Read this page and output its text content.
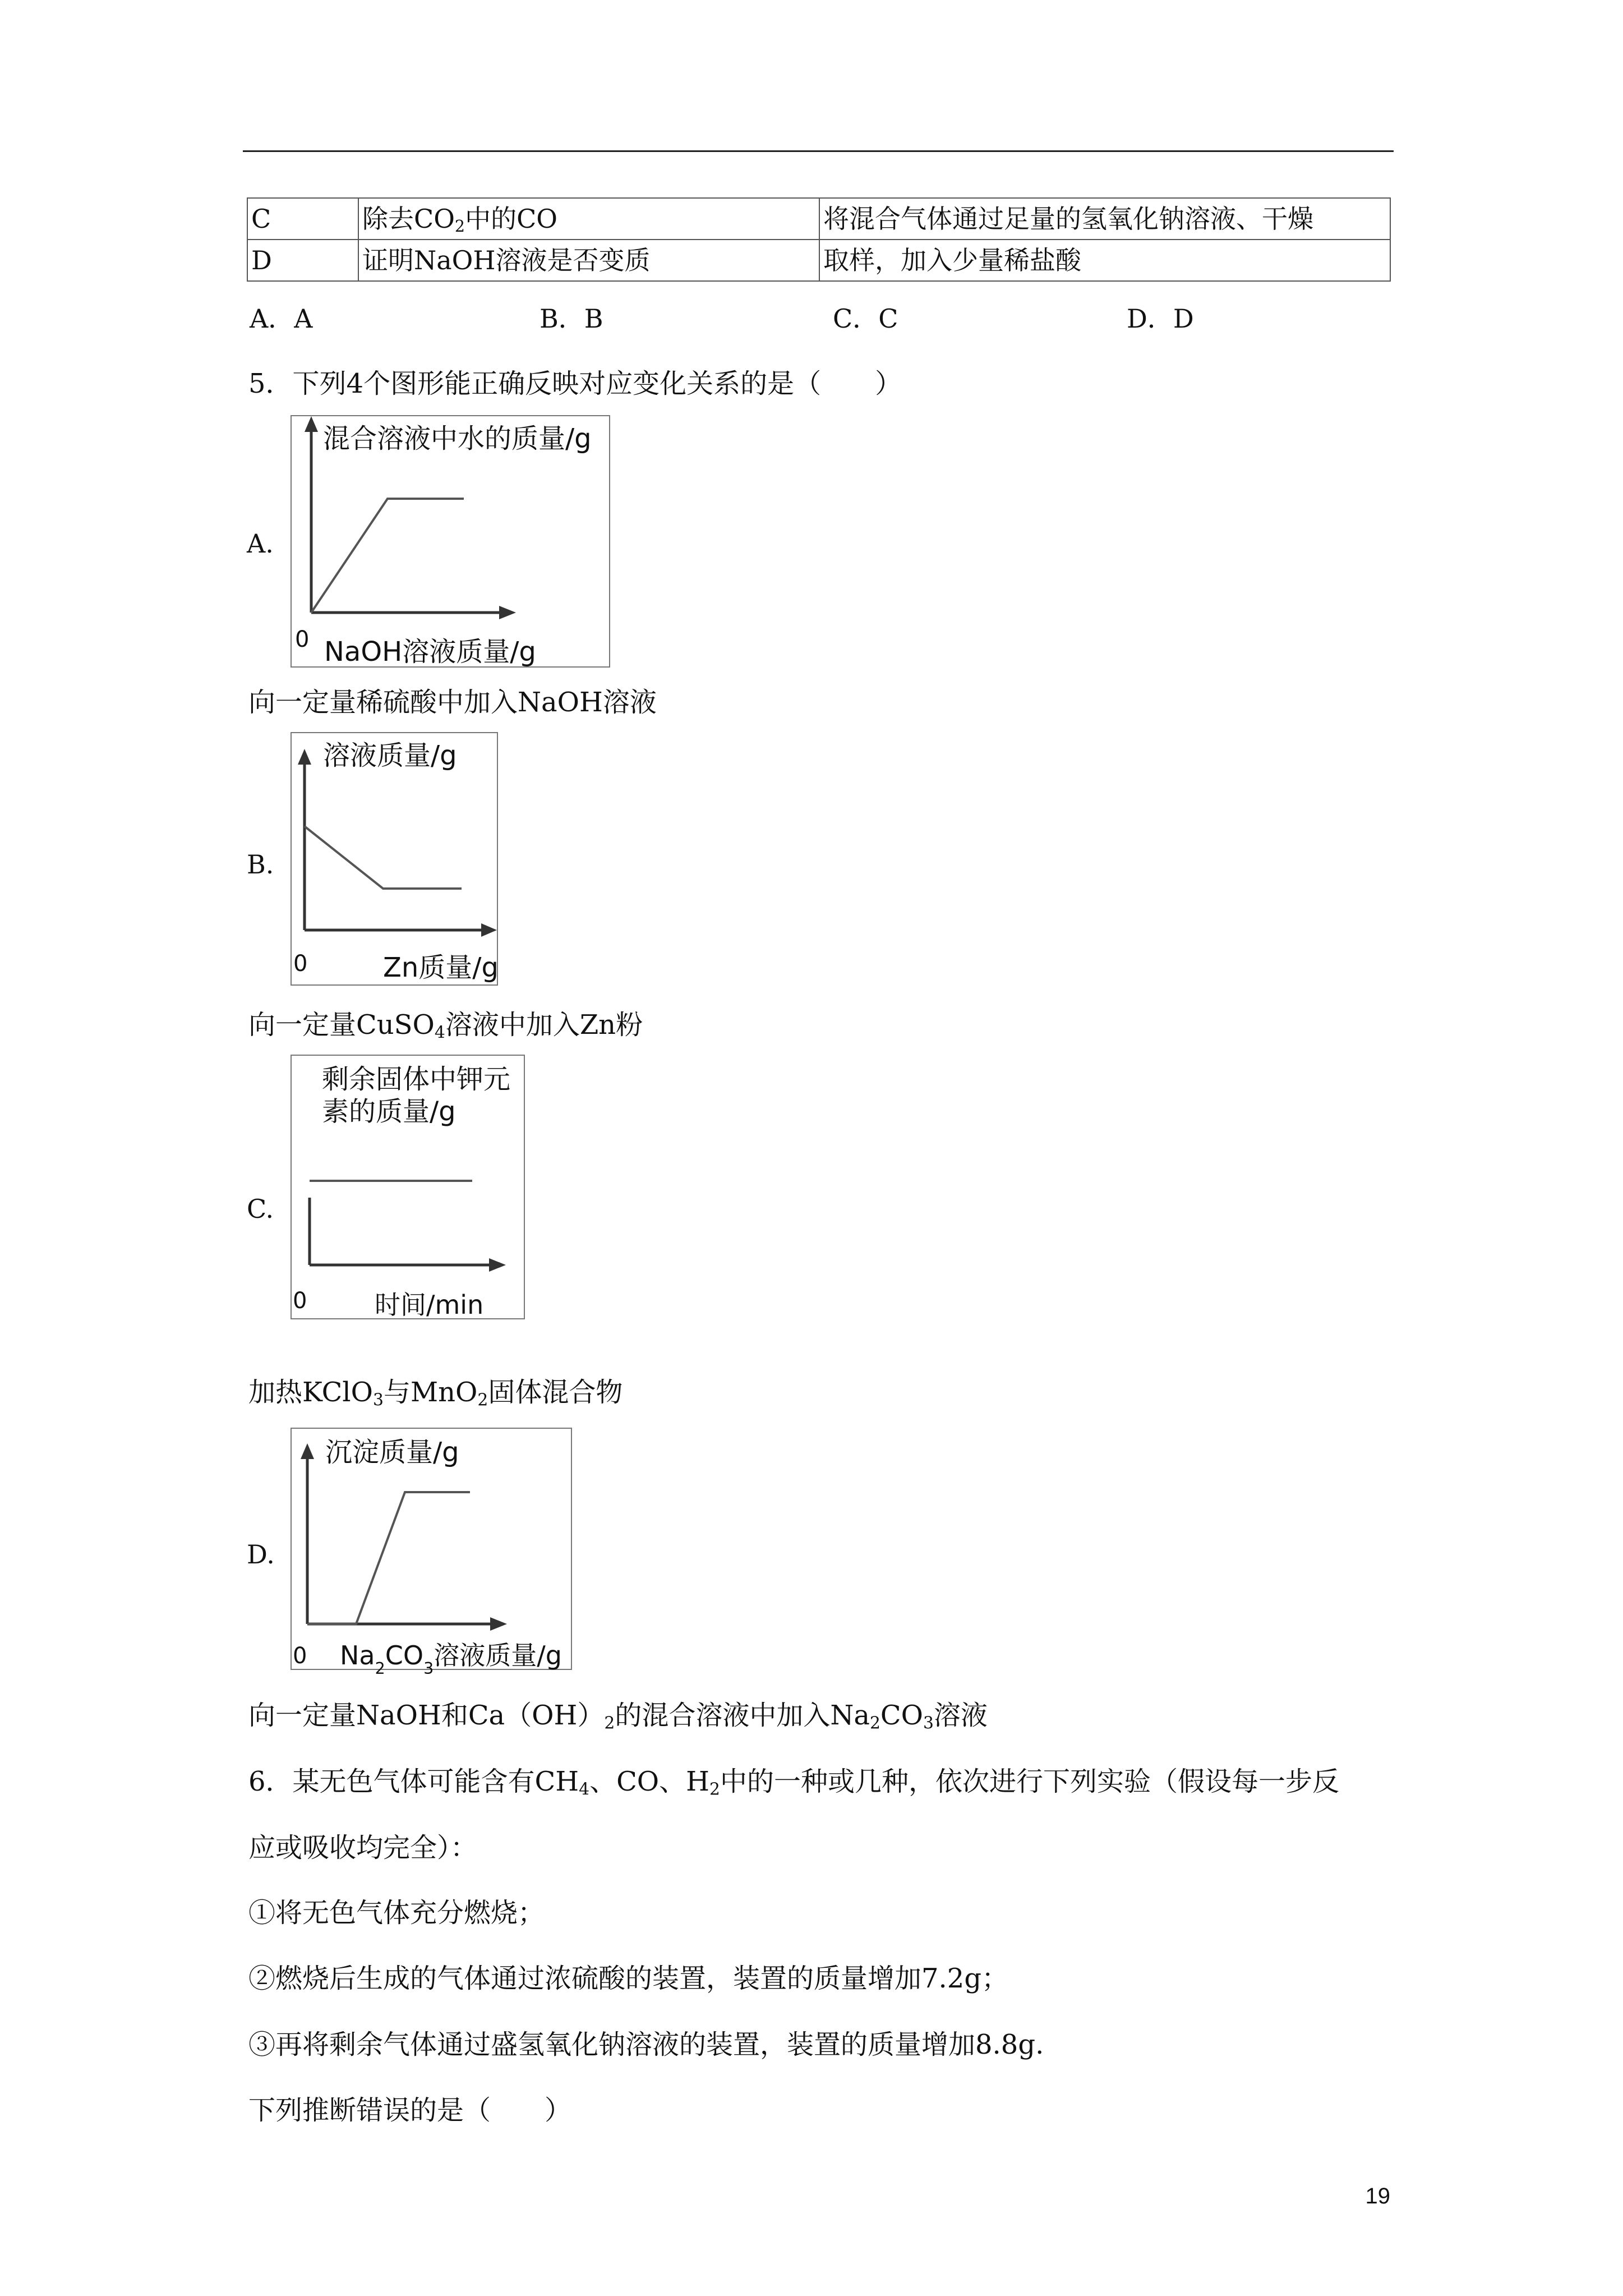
C	除去$CO_2$中的CO	将混合气体通过足量的氢氧化钠溶液、干燥
D	证明NaOH溶液是否变质	取样，加入少量稀盐酸
A．A	B．B	C．C	D．D
5．下列4个图形能正确反映对应变化关系的是（　　）
A.
0
混合溶液中水的质量/g
NaOH溶液质量/g
向一定量稀硫酸中加入NaOH溶液
B.
0
溶液质量/g
Zn质量/g
向一定量CuSO$_4$溶液中加入Zn粉
C.
0
剩余固体中钾元素的质量/g
时间/min
加热KClO$_3$与MnO$_2$固体混合物
D.
0
沉淀质量/g
$Na_2CO_3$溶液质量/g
向一定量NaOH和$Ca(OH)_2$的混合溶液中加入$Na_2CO_3$溶液
6．某无色气体可能含有$CH_4$、CO、$H_2$中的一种或几种，依次进行下列实验（假设每一步反
应或吸收均完全）：
①将无色气体充分燃烧；
②燃烧后生成的气体通过浓硫酸的装置，装置的质量增加7.2g；
③再将剩余气体通过盛氢氧化钠溶液的装置，装置的质量增加8.8g.
下列推断错误的是（　　）
19
